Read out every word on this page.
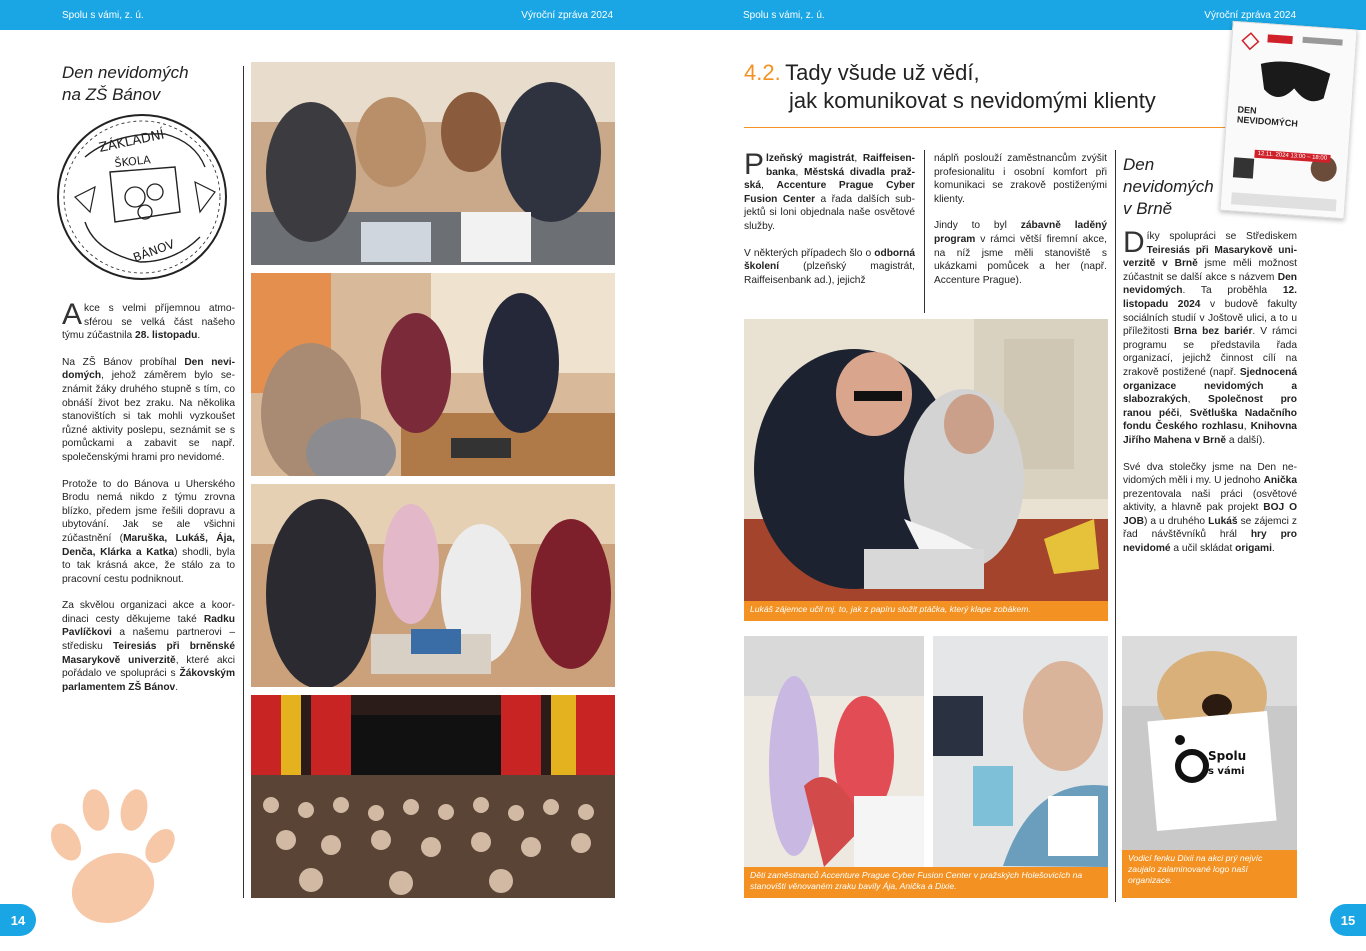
Spolu s vámi, z. ú.	Výroční zpráva 2024
Den nevidomých
na ZŠ Bánov
ZÁKLADNÍ
ŠKOLA
BÁNOV

Akce s velmi příjemnou atmosférou se velká část našeho týmu zúčastnila 28. listopadu.

Na ZŠ Bánov probíhal Den nevidomých, jehož záměrem bylo seznámit žáky druhého stupně s tím, co obnáší život bez zraku. Na několika stanovištích si tak mohli vyzkoušet různé aktivity poslepu, seznámit se s pomůckami a zabavit se např. společenskými hrami pro nevidomé.

Protože to do Bánova u Uherského Brodu nemá nikdo z týmu zrovna blízko, předem jsme řešili dopravu a ubytování. Jak se ale všichni zúčastnění (Maruška, Lukáš, Ája, Denča, Klárka a Katka) shodli, byla to tak krásná akce, že stálo za to pracovní cestu podniknout.

Za skvělou organizaci akce a koordinaci cesty děkujeme také Radku Pavlíčkovi a našemu partnerovi – středisku Teiresiás při brněnské Masarykově univerzitě, které akci pořádalo ve spolupráci s Žákovským parlamentem ZŠ Bánov.

14
Spolu s vámi, z. ú.	Výroční zpráva 2024
4.2. Tady všude už vědí,
jak komunikovat s nevidomými klienty	DEN
NEVIDOMÝCH
12.11. 2024 13:00 – 18:00

Plzeňský magistrát, Raiffeisenbanka, Městská divadla pražská, Accenture Prague Cyber Fusion Center a řada dalších subjektů si loni objednala naše osvětové služby.

V některých případech šlo o odborná školení (plzeňský magistrát, Raiffeisenbank ad.), jejichž

náplň poslouží zaměstnancům zvýšit profesionalitu i osobní komfort při komunikaci se zrakově postiženými klienty.

Jindy to byl zábavně laděný program v rámci větší firemní akce, na níž jsme měli stanoviště s ukázkami pomůcek a her (např. Accenture Prague).

Den
nevidomých
v Brně

Díky spolupráci se Střediskem Teiresiás při Masarykově univerzitě v Brně jsme měli možnost zúčastnit se další akce s názvem Den nevidomých. Ta proběhla 12. listopadu 2024 v budově fakulty sociálních studií v Joštově ulici, a to u příležitosti Brna bez bariér. V rámci programu se představila řada organizací, jejichž činnost cílí na zrakově postižené (např. Sjednocená organizace nevidomých a slabozrakých, Společnost pro ranou péči, Světluška Nadačního fondu Českého rozhlasu, Knihovna Jiřího Mahena v Brně a další).

Své dva stolečky jsme na Den nevidomých měli i my. U jednoho Anička prezentovala naši práci (osvětové aktivity, a hlavně pak projekt BOJ O JOB) a u druhého Lukáš se zájemci z řad návštěvníků hrál hry pro nevidomé a učil skládat origami.

Lukáš zájemce učil mj. to, jak z papíru složit ptáčka, který klape zobákem.
Děti zaměstnanců Accenture Prague Cyber Fusion Center v pražských Holešovicích na stanovišti věnovaném zraku bavily Ája, Anička a Dixie.
Spolu
s vámi
Vodicí fenku Dixii na akci prý nejvíc zaujalo zalaminované logo naší organizace.
15
